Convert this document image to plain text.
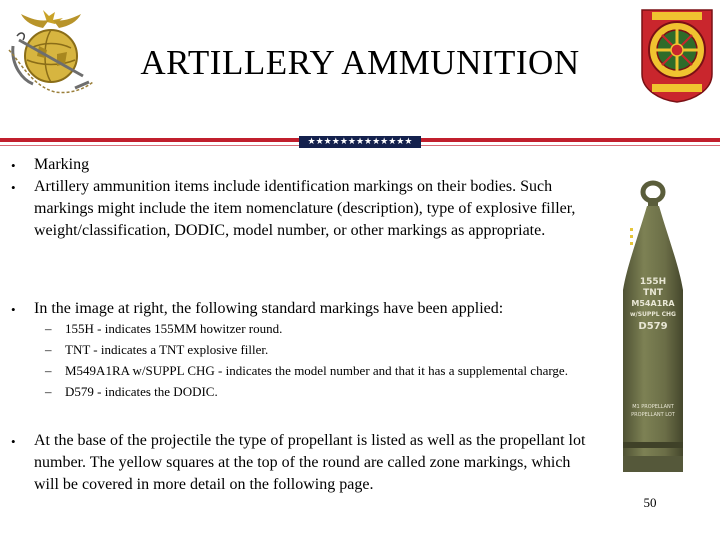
ARTILLERY AMMUNITION
★★★★★★★★★★★★★
• Marking
• Artillery ammunition items include identification markings on their bodies. Such markings might include the item nomenclature (description), type of explosive filler, weight/classification, DODIC, model number, or other markings as appropriate.
• In the image at right, the following standard markings have been applied:
– 155H - indicates 155MM howitzer round.
– TNT - indicates a TNT explosive filler.
– M549A1RA w/SUPPL CHG - indicates the model number and that it has a supplemental charge.
– D579 - indicates the DODIC.
• At the base of the projectile the type of propellant is listed as well as the propellant lot number. The yellow squares at the top of the round are called zone markings, which will be covered in more detail on the following page.
155H
TNT
M54A1RA
w/SUPPL CHG
D579
M1 PROPELLANT
PROPELLANT LOT
50
